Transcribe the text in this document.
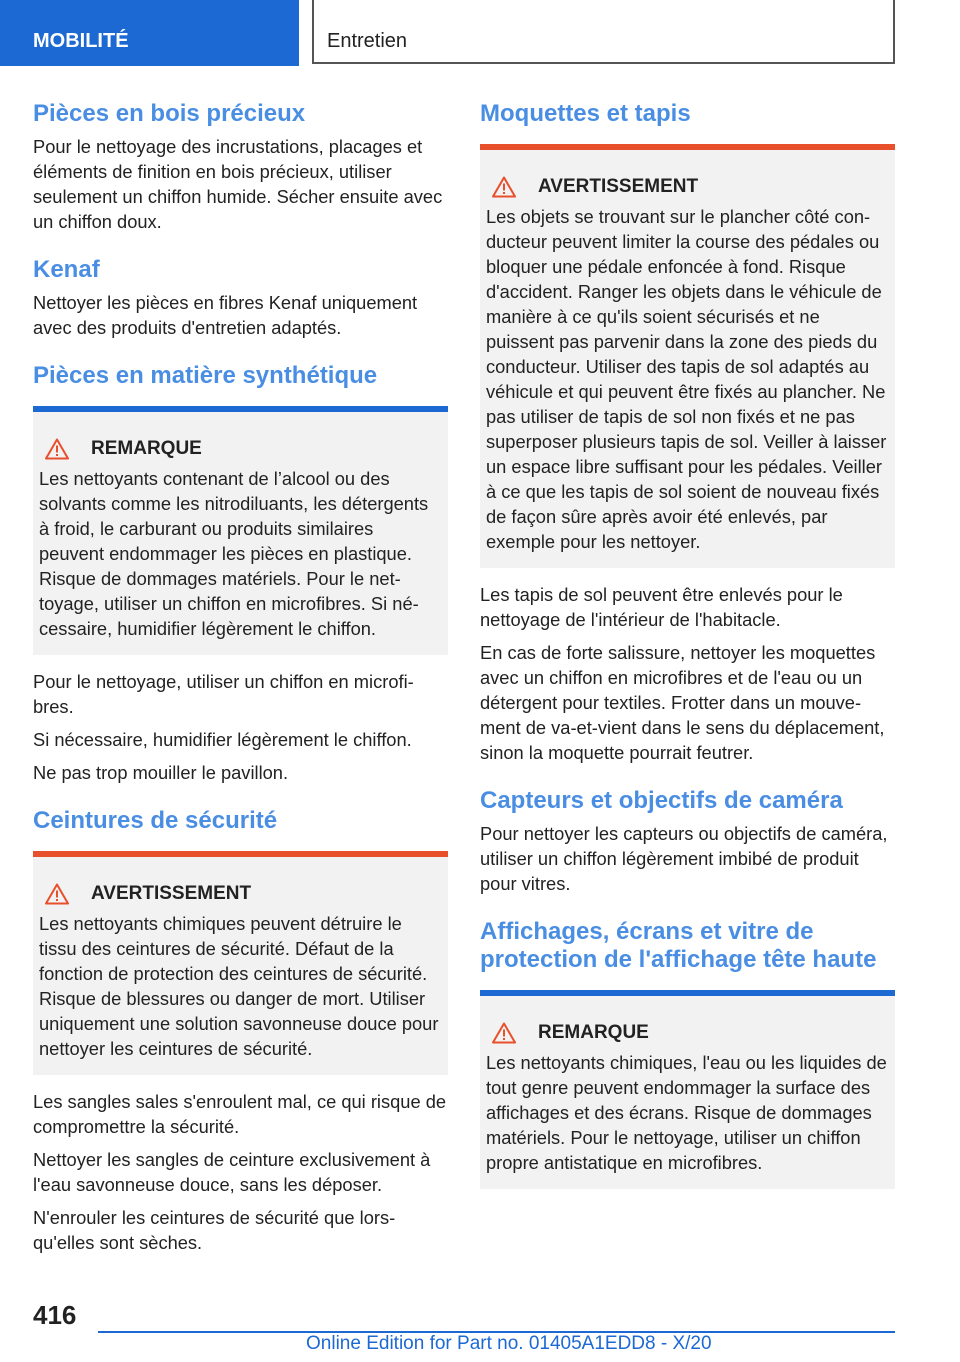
MOBILITÉ	Entretien
Pièces en bois précieux

Pour le nettoyage des incrustations, placages et éléments de finition en bois précieux, utiliser seulement un chiffon humide. Sécher ensuite avec un chiffon doux.

Kenaf

Nettoyer les pièces en fibres Kenaf uniquement avec des produits d'entretien adaptés.

Pièces en matière synthétique
REMARQUE

Les nettoyants contenant de l’alcool ou des solvants comme les nitrodiluants, les détergents à froid, le carburant ou produits similaires peuvent endommager les pièces en plastique. Risque de dommages matériels. Pour le nettoyage, utiliser un chiffon en microfibres. Si nécessaire, humidifier légèrement le chiffon.

Pour le nettoyage, utiliser un chiffon en microfibres.

Si nécessaire, humidifier légèrement le chiffon.

Ne pas trop mouiller le pavillon.

Ceintures de sécurité
AVERTISSEMENT

Les nettoyants chimiques peuvent détruire le tissu des ceintures de sécurité. Défaut de la fonction de protection des ceintures de sécurité. Risque de blessures ou danger de mort. Utiliser uniquement une solution savonneuse douce pour nettoyer les ceintures de sécurité.

Les sangles sales s'enroulent mal, ce qui risque de compromettre la sécurité.

Nettoyer les sangles de ceinture exclusivement à l'eau savonneuse douce, sans les déposer.

N'enrouler les ceintures de sécurité que lorsqu'elles sont sèches.

Moquettes et tapis
AVERTISSEMENT

Les objets se trouvant sur le plancher côté conducteur peuvent limiter la course des pédales ou bloquer une pédale enfoncée à fond. Risque d'accident. Ranger les objets dans le véhicule de manière à ce qu'ils soient sécurisés et ne puissent pas parvenir dans la zone des pieds du conducteur. Utiliser des tapis de sol adaptés au véhicule et qui peuvent être fixés au plancher. Ne pas utiliser de tapis de sol non fixés et ne pas superposer plusieurs tapis de sol. Veiller à laisser un espace libre suffisant pour les pédales. Veiller à ce que les tapis de sol soient de nouveau fixés de façon sûre après avoir été enlevés, par exemple pour les nettoyer.

Les tapis de sol peuvent être enlevés pour le nettoyage de l'intérieur de l'habitacle.

En cas de forte salissure, nettoyer les moquettes avec un chiffon en microfibres et de l'eau ou un détergent pour textiles. Frotter dans un mouvement de va-et-vient dans le sens du déplacement, sinon la moquette pourrait feutrer.

Capteurs et objectifs de caméra

Pour nettoyer les capteurs ou objectifs de caméra, utiliser un chiffon légèrement imbibé de produit pour vitres.

Affichages, écrans et vitre de protection de l'affichage tête haute
REMARQUE

Les nettoyants chimiques, l'eau ou les liquides de tout genre peuvent endommager la surface des affichages et des écrans. Risque de dommages matériels. Pour le nettoyage, utiliser un chiffon propre antistatique en microfibres.

416
Online Edition for Part no. 01405A1EDD8 - X/20
